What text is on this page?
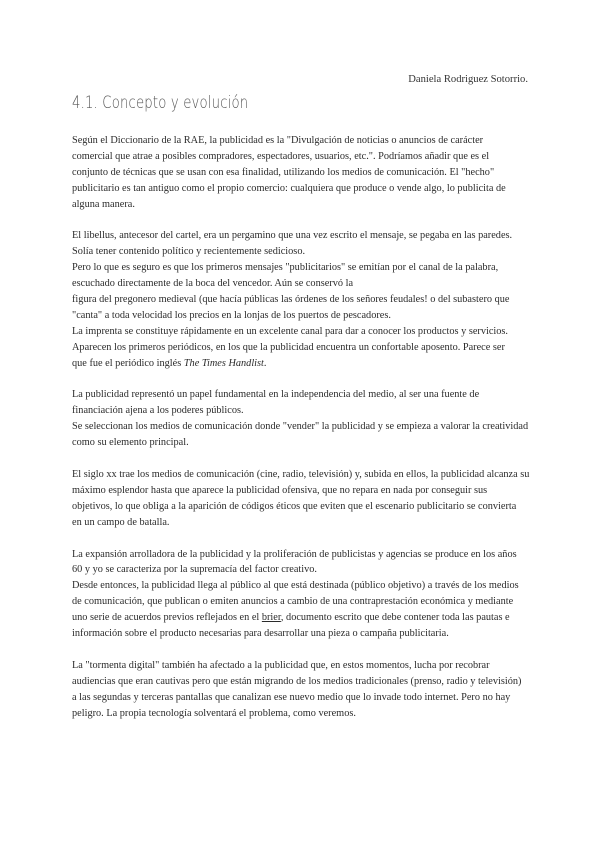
Daniela Rodriguez Sotorrio.
4.1. Concepto y evolución

Según el Diccionario de la RAE, la publicidad es la "Divulgación de noticias o anuncios de carácter
comercial que atrae a posibles compradores, espectadores, usuarios, etc.". Podríamos añadir que es el
conjunto de técnicas que se usan con esa finalidad, utilizando los medios de comunicación. El "hecho"
publicitario es tan antiguo como el propio comercio: cualquiera que produce o vende algo, lo publicita de
alguna manera.

El libellus, antecesor del cartel, era un pergamino que una vez escrito el mensaje, se pegaba en las paredes.
Solía tener contenido político y recientemente sedicioso.
Pero lo que es seguro es que los primeros mensajes "publicitarios" se emitían por el canal de la palabra,
escuchado directamente de la boca del vencedor. Aún se conservó la
figura del pregonero medieval (que hacía públicas las órdenes de los señores feudales! o del subastero que
"canta" a toda velocidad los precios en la lonjas de los puertos de pescadores.
La imprenta se constituye rápidamente en un excelente canal para dar a conocer los productos y servicios.
Aparecen los primeros periódicos, en los que la publicidad encuentra un confortable aposento. Parece ser
que fue el periódico inglés The Times Handlist.

La publicidad representó un papel fundamental en la independencia del medio, al ser una fuente de
financiación ajena a los poderes públicos.
Se seleccionan los medios de comunicación donde "vender" la publicidad y se empieza a valorar la creatividad
como su elemento principal.

El siglo xx trae los medios de comunicación (cine, radio, televisión) y, subida en ellos, la publicidad alcanza su
máximo esplendor hasta que aparece la publicidad ofensiva, que no repara en nada por conseguir sus
objetivos, lo que obliga a la aparición de códigos éticos que eviten que el escenario publicitario se convierta
en un campo de batalla.

La expansión arrolladora de la publicidad y la proliferación de publicistas y agencias se produce en los años
60 y yo se caracteriza por la supremacía del factor creativo.
Desde entonces, la publicidad llega al público al que está destinada (público objetivo) a través de los medios
de comunicación, que publican o emiten anuncios a cambio de una contraprestación económica y mediante
uno serie de acuerdos previos reflejados en el brier, documento escrito que debe contener toda las pautas e
información sobre el producto necesarias para desarrollar una pieza o campaña publicitaria.

La "tormenta digital" también ha afectado a la publicidad que, en estos momentos, lucha por recobrar
audiencias que eran cautivas pero que están migrando de los medios tradicionales (prenso, radio y televisión)
a las segundas y terceras pantallas que canalizan ese nuevo medio que lo invade todo internet. Pero no hay
peligro. La propia tecnología solventará el problema, como veremos.
